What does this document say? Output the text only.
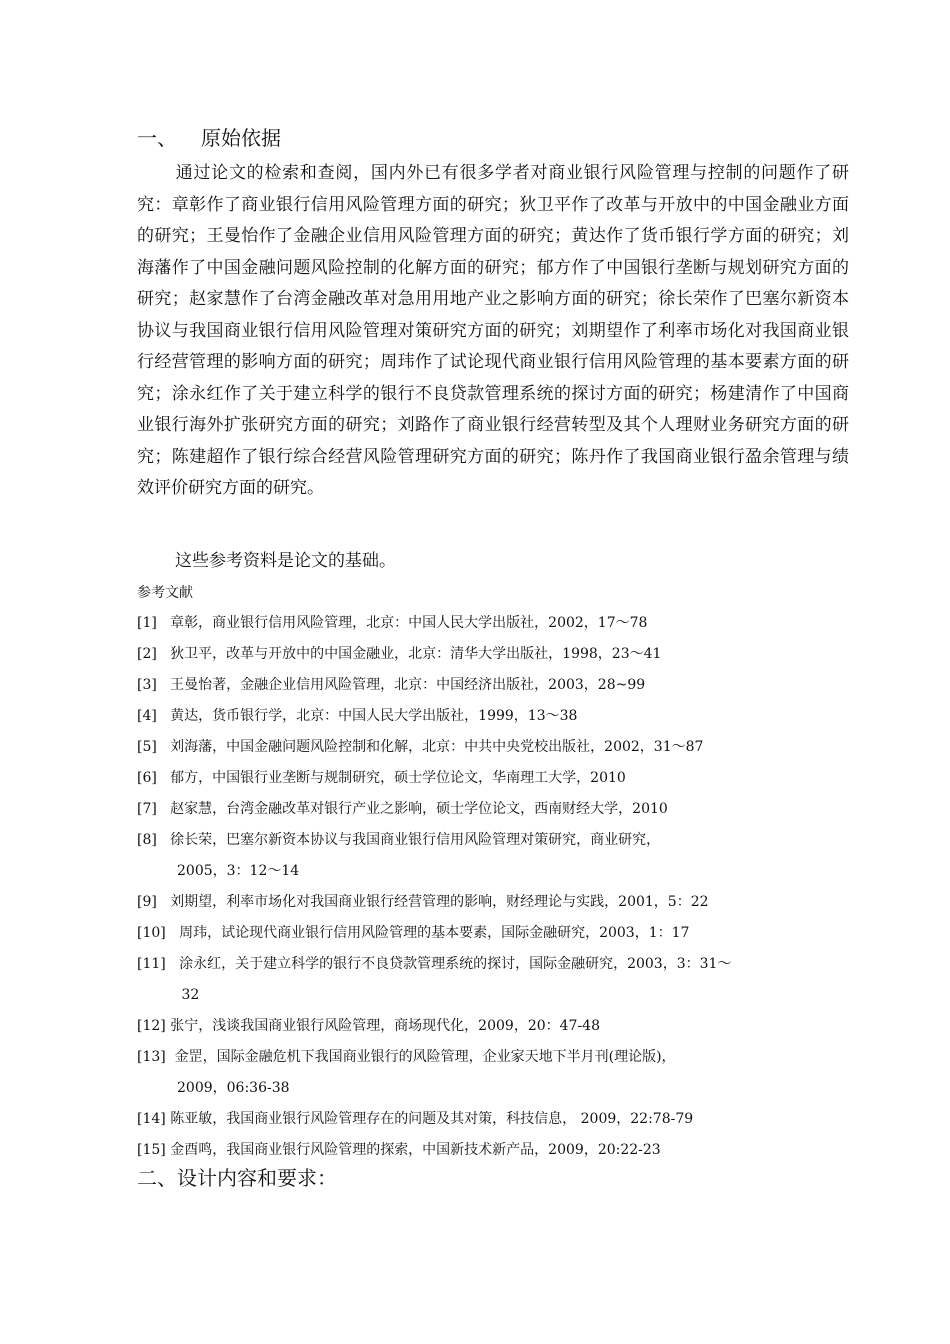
一、 原始依据

通过论文的检索和查阅，国内外已有很多学者对商业银行风险管理与控制的问题作了研究：章彰作了商业银行信用风险管理方面的研究；狄卫平作了改革与开放中的中国金融业方面的研究；王曼怡作了金融企业信用风险管理方面的研究；黄达作了货币银行学方面的研究；刘海藩作了中国金融问题风险控制的化解方面的研究；郁方作了中国银行垄断与规划研究方面的研究；赵家慧作了台湾金融改革对急用用地产业之影响方面的研究；徐长荣作了巴塞尔新资本协议与我国商业银行信用风险管理对策研究方面的研究；刘期望作了利率市场化对我国商业银行经营管理的影响方面的研究；周玮作了试论现代商业银行信用风险管理的基本要素方面的研究；涂永红作了关于建立科学的银行不良贷款管理系统的探讨方面的研究；杨建清作了中国商业银行海外扩张研究方面的研究；刘路作了商业银行经营转型及其个人理财业务研究方面的研究；陈建超作了银行综合经营风险管理研究方面的研究；陈丹作了我国商业银行盈余管理与绩效评价研究方面的研究。

这些参考资料是论文的基础。
参考文献
[1]   章彰，商业银行信用风险管理，北京：中国人民大学出版社，2002，17～78
[2]   狄卫平，改革与开放中的中国金融业，北京：清华大学出版社，1998，23～41
[3]   王曼怡著，金融企业信用风险管理，北京：中国经济出版社，2003，28~99
[4]   黄达，货币银行学，北京：中国人民大学出版社，1999，13～38
[5]   刘海藩，中国金融问题风险控制和化解，北京：中共中央党校出版社，2002，31～87
[6]   郁方，中国银行业垄断与规制研究，硕士学位论文，华南理工大学，2010
[7]   赵家慧，台湾金融改革对银行产业之影响，硕士学位论文，西南财经大学，2010
[8]   徐长荣，巴塞尔新资本协议与我国商业银行信用风险管理对策研究，商业研究，
2005，3：12～14
[9]   刘期望，利率市场化对我国商业银行经营管理的影响，财经理论与实践，2001，5：22
[10]   周玮，试论现代商业银行信用风险管理的基本要素，国际金融研究，2003，1：17
[11]   涂永红，关于建立科学的银行不良贷款管理系统的探讨，国际金融研究，2003，3：31～
32
[12] 张宁，浅谈我国商业银行风险管理，商场现代化，2009，20：47-48
[13]  金罡，国际金融危机下我国商业银行的风险管理，企业家天地下半月刊(理论版)，
2009，06:36-38
[14] 陈亚敏，我国商业银行风险管理存在的问题及其对策，科技信息， 2009，22:78-79
[15] 金酉鸣，我国商业银行风险管理的探索，中国新技术新产品，2009，20:22-23
二、设计内容和要求：
